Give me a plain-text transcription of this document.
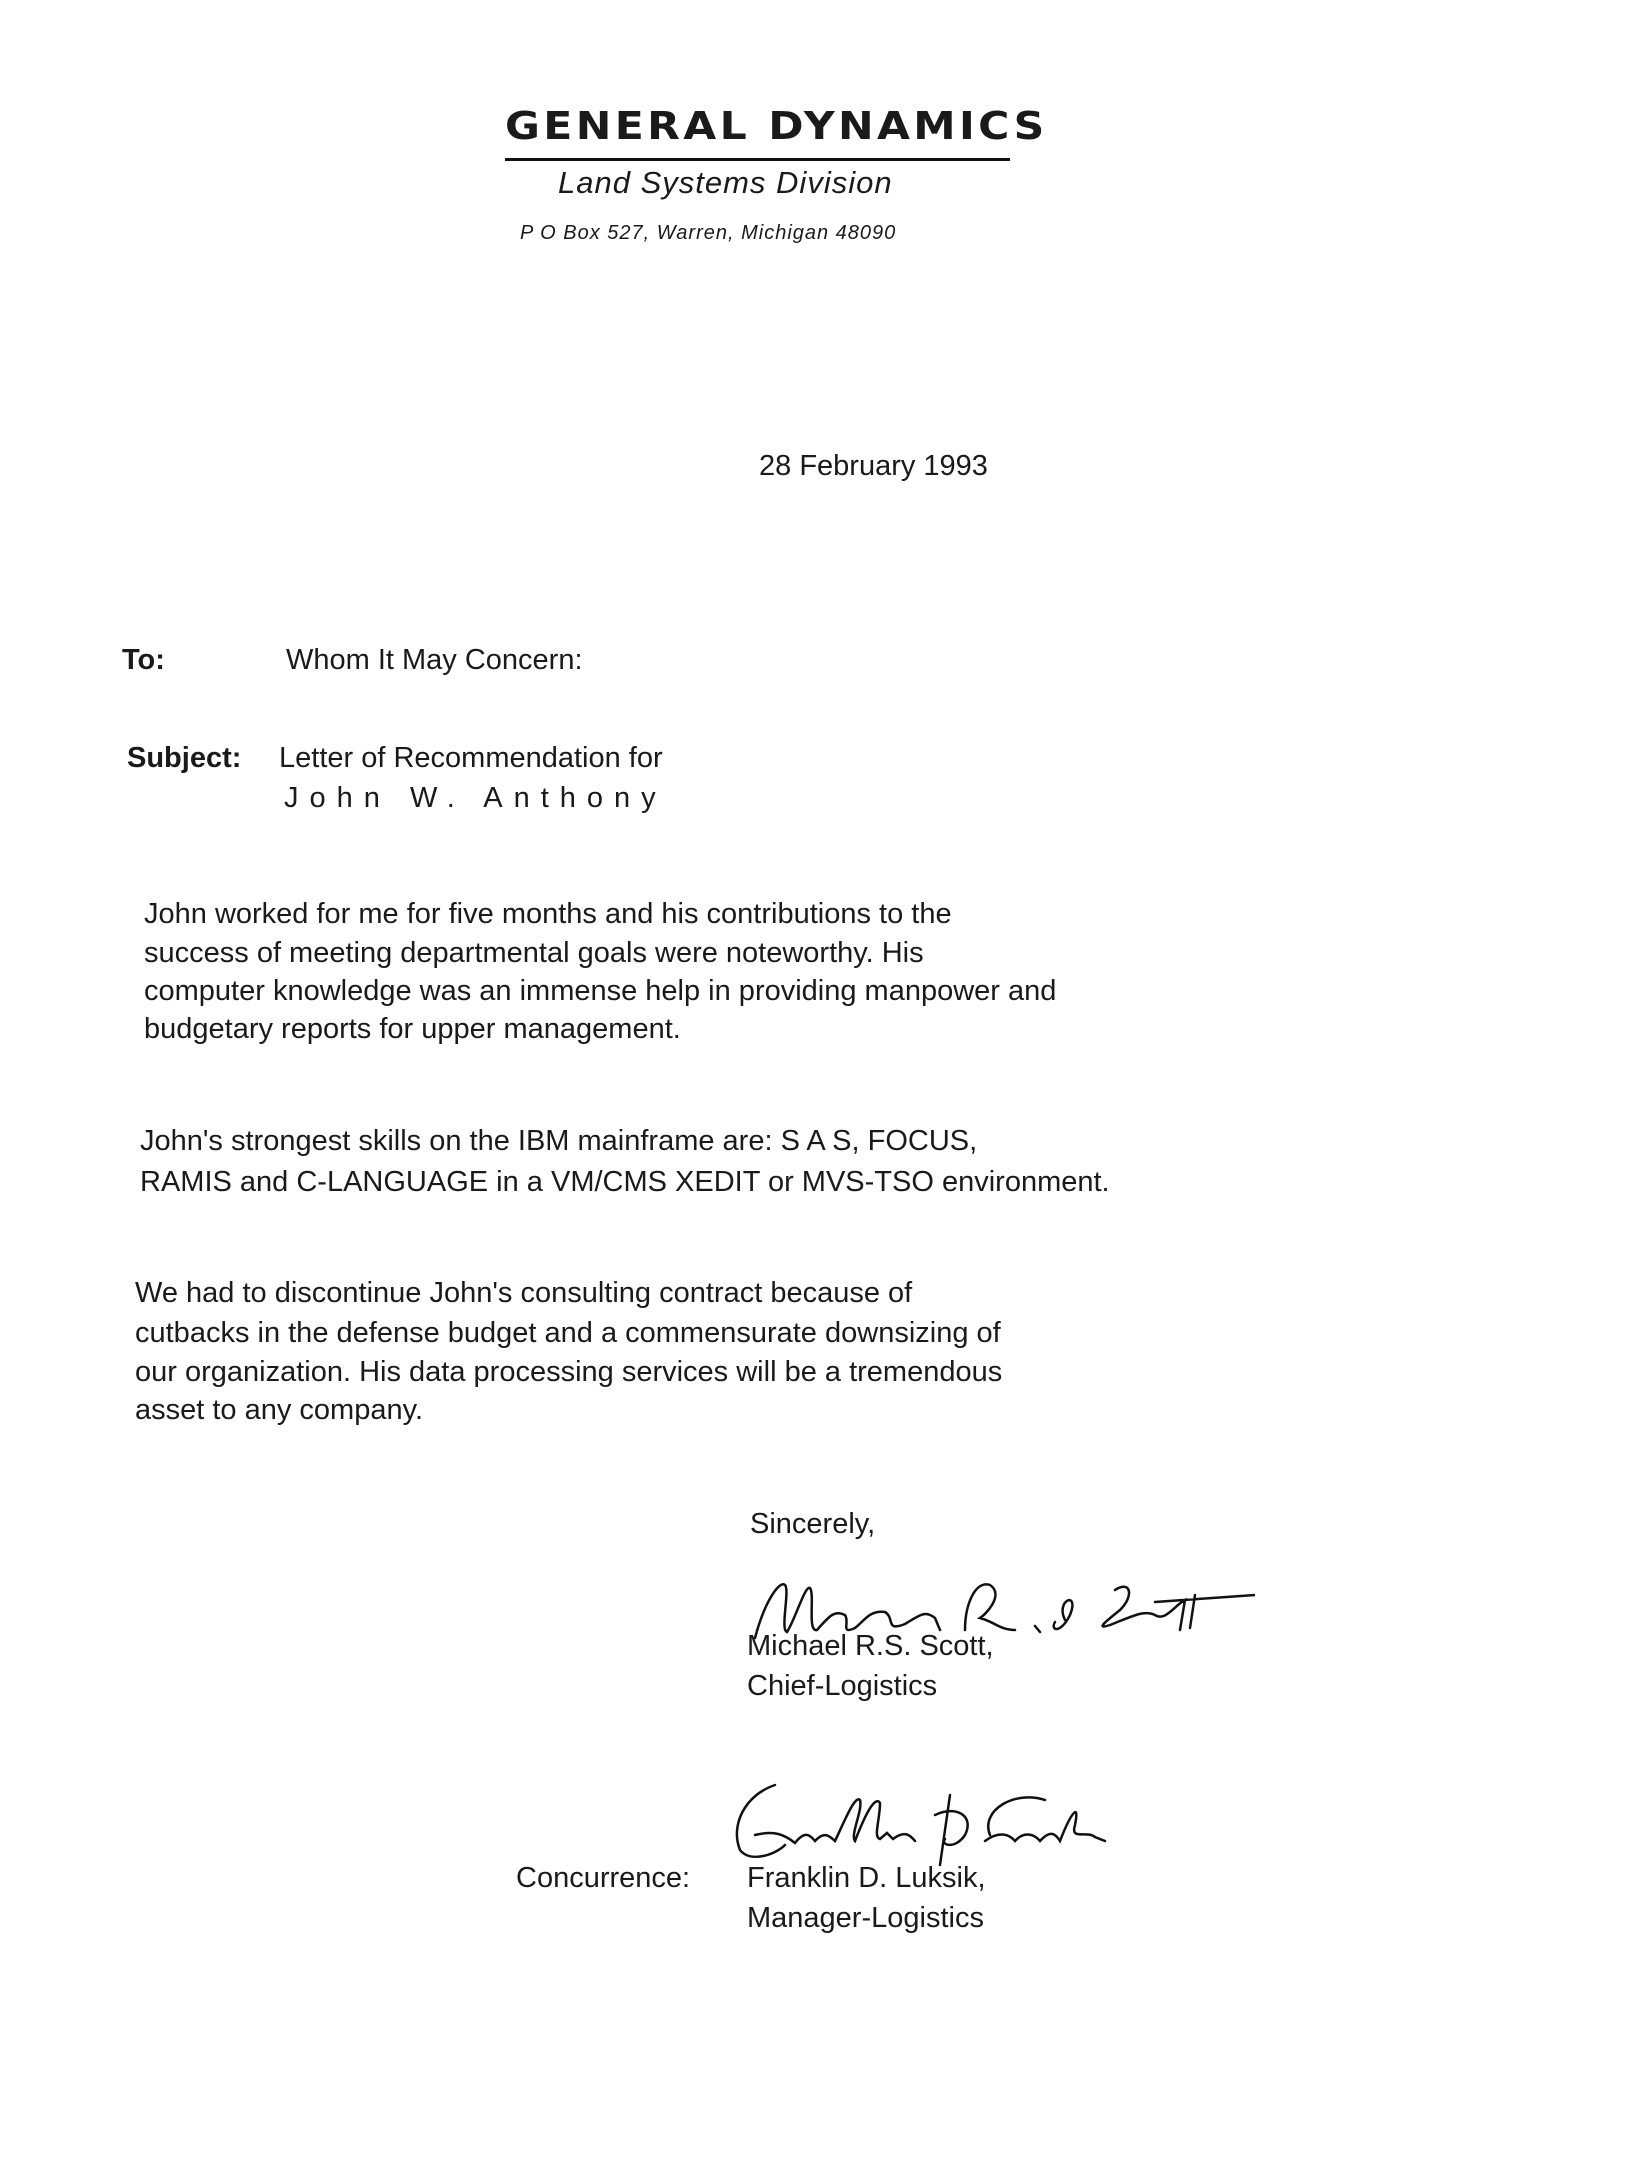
GENERAL DYNAMICS
Land Systems Division
P O Box 527, Warren, Michigan 48090
28 February 1993
To:	Whom It May Concern:
Subject: Letter of Recommendation for
John W. Anthony
John worked for me for five months and his contributions to the
success of meeting departmental goals were noteworthy. His
computer knowledge was an immense help in providing manpower and
budgetary reports for upper management.
John's strongest skills on the IBM mainframe are: S A S, FOCUS,
RAMIS and C-LANGUAGE in a VM/CMS XEDIT or MVS-TSO environment.
We had to discontinue John's consulting contract because of
cutbacks in the defense budget and a commensurate downsizing of
our organization. His data processing services will be a tremendous
asset to any company.
Sincerely,
Michael R.S. Scott,
Chief-Logistics
Concurrence: Franklin D. Luksik,
Manager-Logistics
